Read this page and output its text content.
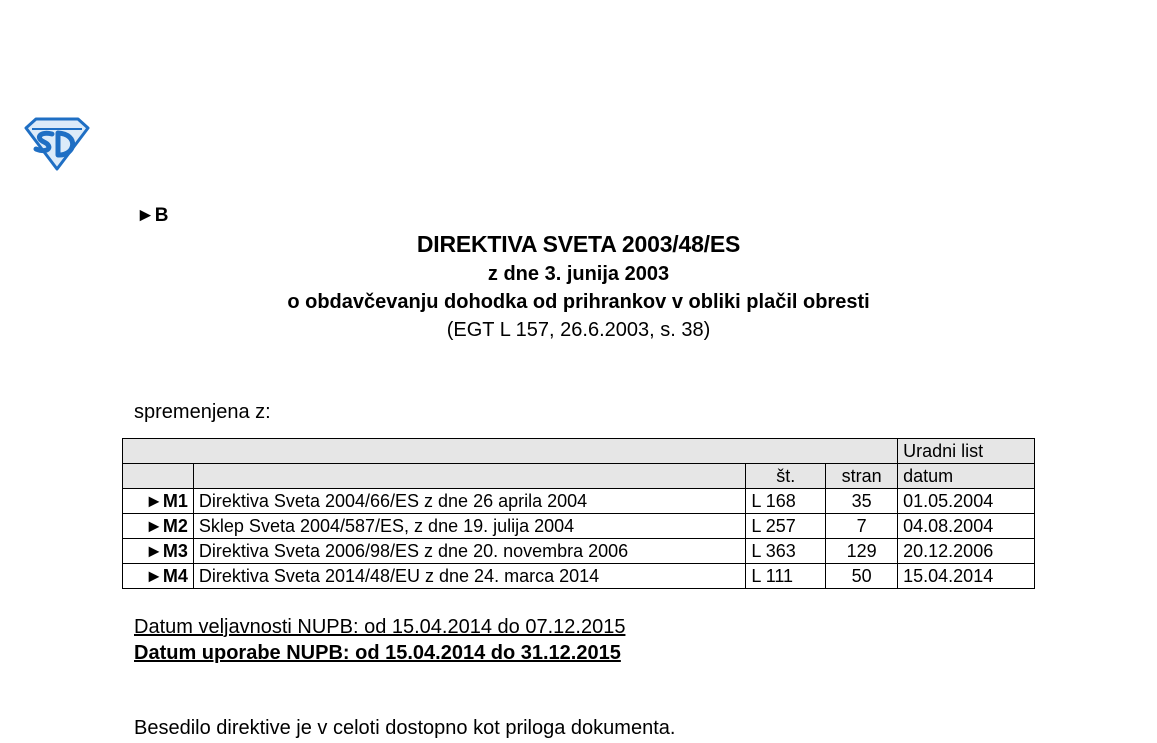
►B
DIREKTIVA SVETA 2003/48/ES
z dne 3. junija 2003
o obdavčevanju dohodka od prihrankov v obliki plačil obresti
(EGT L 157, 26.6.2003, s. 38)
spremenjena z:
				Uradni list
		št.	stran	datum
►M1	Direktiva Sveta 2004/66/ES z dne 26 aprila 2004	L 168	35	01.05.2004
►M2	Sklep Sveta 2004/587/ES, z dne 19. julija 2004	L 257	7	04.08.2004
►M3	Direktiva Sveta 2006/98/ES z dne 20. novembra 2006	L 363	129	20.12.2006
►M4	Direktiva Sveta 2014/48/EU z dne 24. marca 2014	L 111	50	15.04.2014
Datum veljavnosti NUPB: od 15.04.2014 do 07.12.2015
Datum uporabe NUPB: od 15.04.2014 do 31.12.2015
Besedilo direktive je v celoti dostopno kot priloga dokumenta.
